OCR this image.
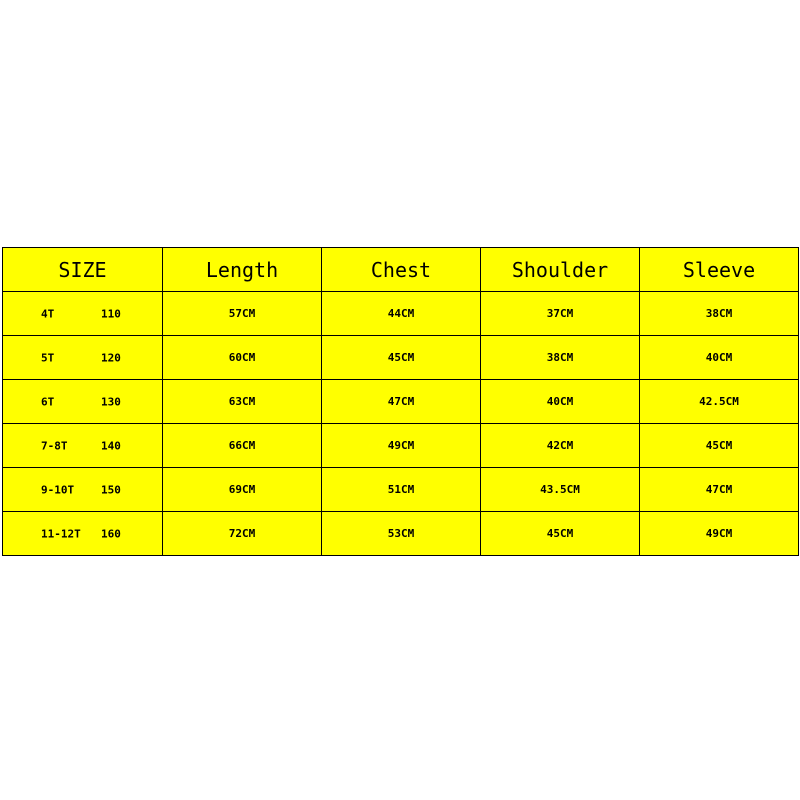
SIZE	Length	Chest	Shoulder	Sleeve

4T 110	57CM	44CM	37CM	38CM

5T 120	60CM	45CM	38CM	40CM

6T 130	63CM	47CM	40CM	42.5CM

7-8T 140	66CM	49CM	42CM	45CM

9-10T 150	69CM	51CM	43.5CM	47CM

11-12T 160	72CM	53CM	45CM	49CM
